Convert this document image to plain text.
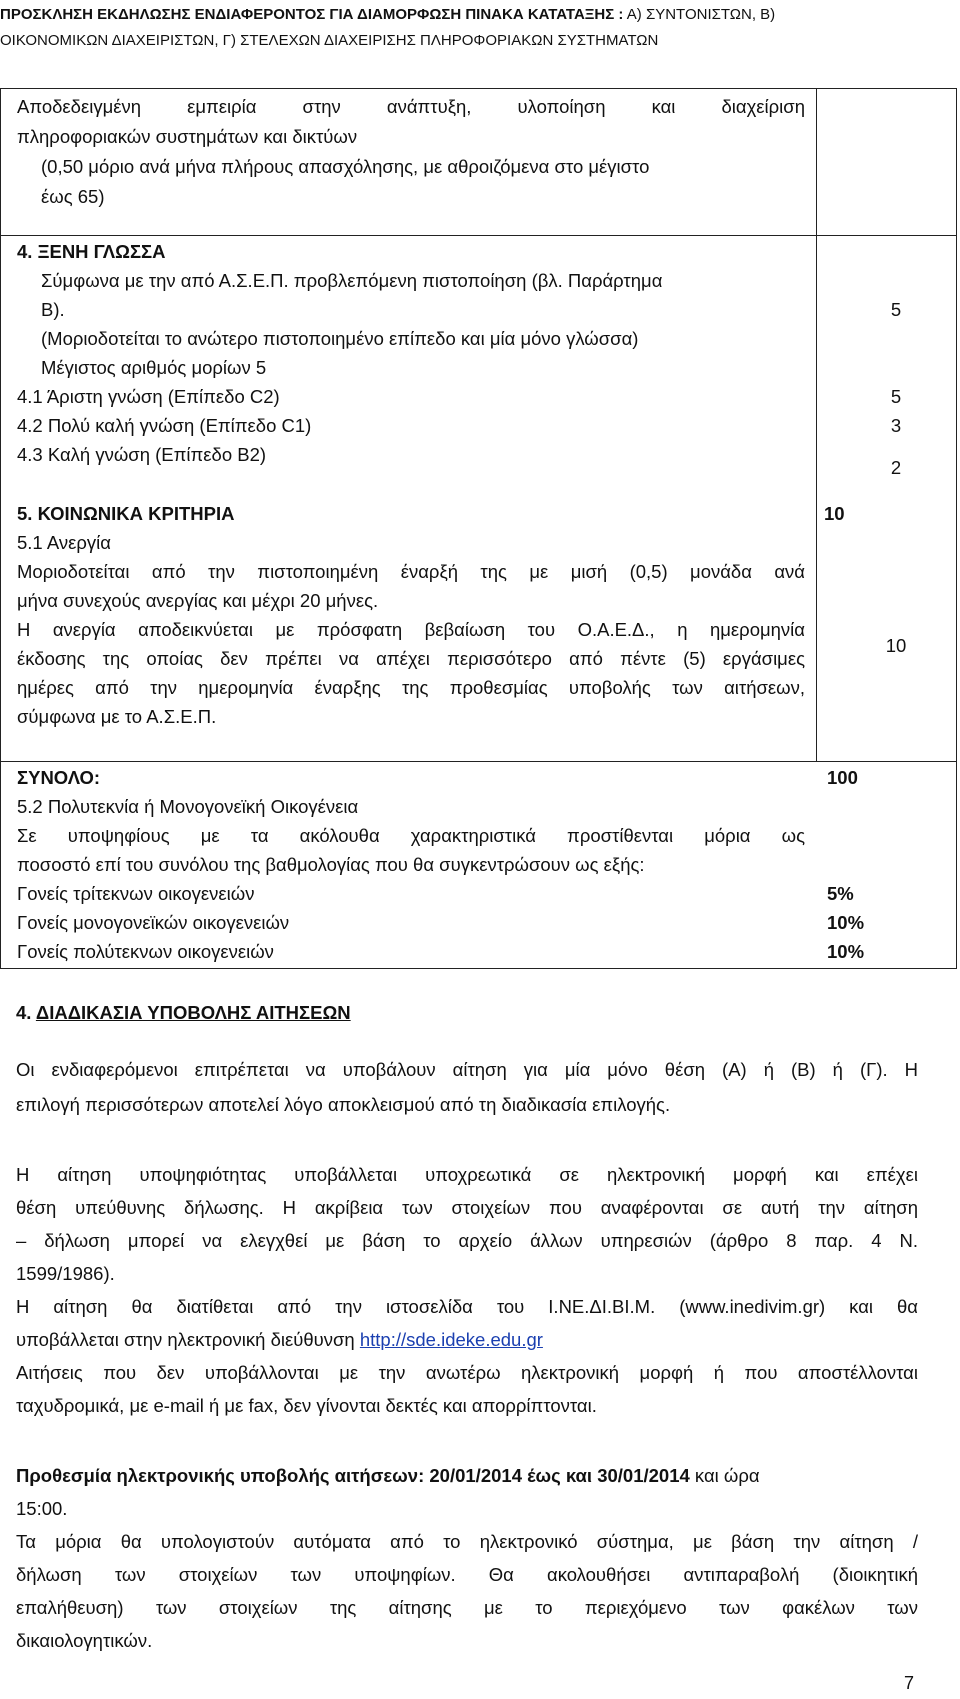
ΠΡΟΣΚΛΗΣΗ ΕΚΔΗΛΩΣΗΣ ΕΝΔΙΑΦΕΡΟΝΤΟΣ ΓΙΑ ΔΙΑΜΟΡΦΩΣΗ ΠΙΝΑΚΑ ΚΑΤΑΤΑΞΗΣ : Α) ΣΥΝΤΟΝΙΣΤΩΝ, Β)
ΟΙΚΟΝΟΜΙΚΩΝ ΔΙΑΧΕΙΡΙΣΤΩΝ, Γ) ΣΤΕΛΕΧΩΝ ΔΙΑΧΕΙΡΙΣΗΣ ΠΛΗΡΟΦΟΡΙΑΚΩΝ ΣΥΣΤΗΜΑΤΩΝ
Αποδεδειγμένη εμπειρία στην ανάπτυξη, υλοποίηση και διαχείριση
πληροφοριακών συστημάτων και δικτύων
(0,50 μόριο ανά μήνα πλήρους απασχόλησης, με αθροιζόμενα στο μέγιστο
έως 65)
4. ΞΕΝΗ ΓΛΩΣΣΑ
Σύμφωνα με την από Α.Σ.Ε.Π. προβλεπόμενη πιστοποίηση (βλ. Παράρτημα
Β).
(Μοριοδοτείται το ανώτερο πιστοποιημένο επίπεδο και μία μόνο γλώσσα)
Μέγιστος αριθμός μορίων 5
5
4.1 Άριστη γνώση (Επίπεδο C2)
4.2 Πολύ καλή γνώση (Επίπεδο C1)
4.3 Καλή γνώση (Επίπεδο Β2)
5
3
2
5. ΚΟΙΝΩΝΙΚΑ ΚΡΙΤΗΡΙΑ	10
5.1 Ανεργία
Μοριοδοτείται από την πιστοποιημένη έναρξή της με μισή (0,5) μονάδα ανά
μήνα συνεχούς ανεργίας και μέχρι 20 μήνες.
Η ανεργία αποδεικνύεται με πρόσφατη βεβαίωση του Ο.Α.Ε.Δ., η ημερομηνία
έκδοσης της οποίας δεν πρέπει να απέχει περισσότερο από πέντε (5) εργάσιμες
ημέρες από την ημερομηνία έναρξης της προθεσμίας υποβολής των αιτήσεων,
σύμφωνα με το Α.Σ.Ε.Π.
10
ΣΥΝΟΛΟ:	100
5.2 Πολυτεκνία ή Μονογονεϊκή Οικογένεια
Σε υποψηφίους με τα ακόλουθα χαρακτηριστικά προστίθενται μόρια ως
ποσοστό επί του συνόλου της βαθμολογίας που θα συγκεντρώσουν ως εξής:
Γονείς τρίτεκνων οικογενειών
Γονείς μονογονεϊκών οικογενειών
Γονείς πολύτεκνων οικογενειών
5%
10%
10%
4. ΔΙΑΔΙΚΑΣΙΑ ΥΠΟΒΟΛΗΣ ΑΙΤΗΣΕΩΝ
Οι ενδιαφερόμενοι επιτρέπεται να υποβάλουν αίτηση για μία μόνο θέση (Α) ή (Β) ή (Γ). Η
επιλογή περισσότερων αποτελεί λόγο αποκλεισμού από τη διαδικασία επιλογής.
Η αίτηση υποψηφιότητας υποβάλλεται υποχρεωτικά σε ηλεκτρονική μορφή και επέχει
θέση υπεύθυνης δήλωσης. Η ακρίβεια των στοιχείων που αναφέρονται σε αυτή την αίτηση
– δήλωση μπορεί να ελεγχθεί με βάση το αρχείο άλλων υπηρεσιών (άρθρο 8 παρ. 4 Ν.
1599/1986).
Η αίτηση θα διατίθεται από την ιστοσελίδα του Ι.ΝΕ.ΔΙ.ΒΙ.Μ. (www.inedivim.gr) και θα
υποβάλλεται στην ηλεκτρονική διεύθυνση http://sde.ideke.edu.gr
Αιτήσεις που δεν υποβάλλονται με την ανωτέρω ηλεκτρονική μορφή ή που αποστέλλονται
ταχυδρομικά, με e-mail ή με fax, δεν γίνονται δεκτές και απορρίπτονται.
Προθεσμία ηλεκτρονικής υποβολής αιτήσεων: 20/01/2014 έως και 30/01/2014 και ώρα
15:00.
Τα μόρια θα υπολογιστούν αυτόματα από το ηλεκτρονικό σύστημα, με βάση την αίτηση /
δήλωση των στοιχείων των υποψηφίων. Θα ακολουθήσει αντιπαραβολή (διοικητική
επαλήθευση) των στοιχείων της αίτησης με το περιεχόμενο των φακέλων των
δικαιολογητικών.
7
